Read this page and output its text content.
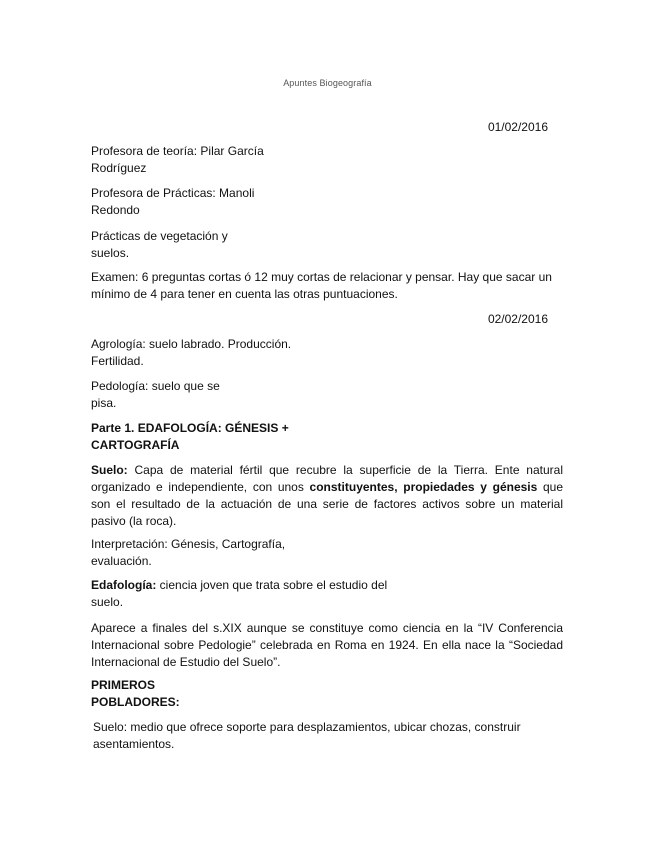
Apuntes Biogeografía
01/02/2016
Profesora de teoría: Pilar García
Rodríguez
Profesora de Prácticas: Manoli
Redondo
Prácticas de vegetación y
suelos.
Examen: 6 preguntas cortas ó 12 muy cortas de relacionar y pensar. Hay que sacar un
mínimo de 4 para tener en cuenta las otras puntuaciones.
02/02/2016
Agrología: suelo labrado. Producción.
Fertilidad.
Pedología: suelo que se
pisa.
Parte 1. EDAFOLOGÍA: GÉNESIS +
CARTOGRAFÍA
Suelo: Capa de material fértil que recubre la superficie de la Tierra. Ente natural organizado e independiente, con unos constituyentes, propiedades y génesis que son el resultado de la actuación de una serie de factores activos sobre un material pasivo (la roca).
Interpretación: Génesis, Cartografía,
evaluación.
Edafología: ciencia joven que trata sobre el estudio del
suelo.
Aparece a finales del s.XIX aunque se constituye como ciencia en la “IV Conferencia Internacional sobre Pedologie” celebrada en Roma en 1924. En ella nace la “Sociedad Internacional de Estudio del Suelo”.
PRIMEROS
POBLADORES:
Suelo: medio que ofrece soporte para desplazamientos, ubicar chozas, construir
asentamientos.
